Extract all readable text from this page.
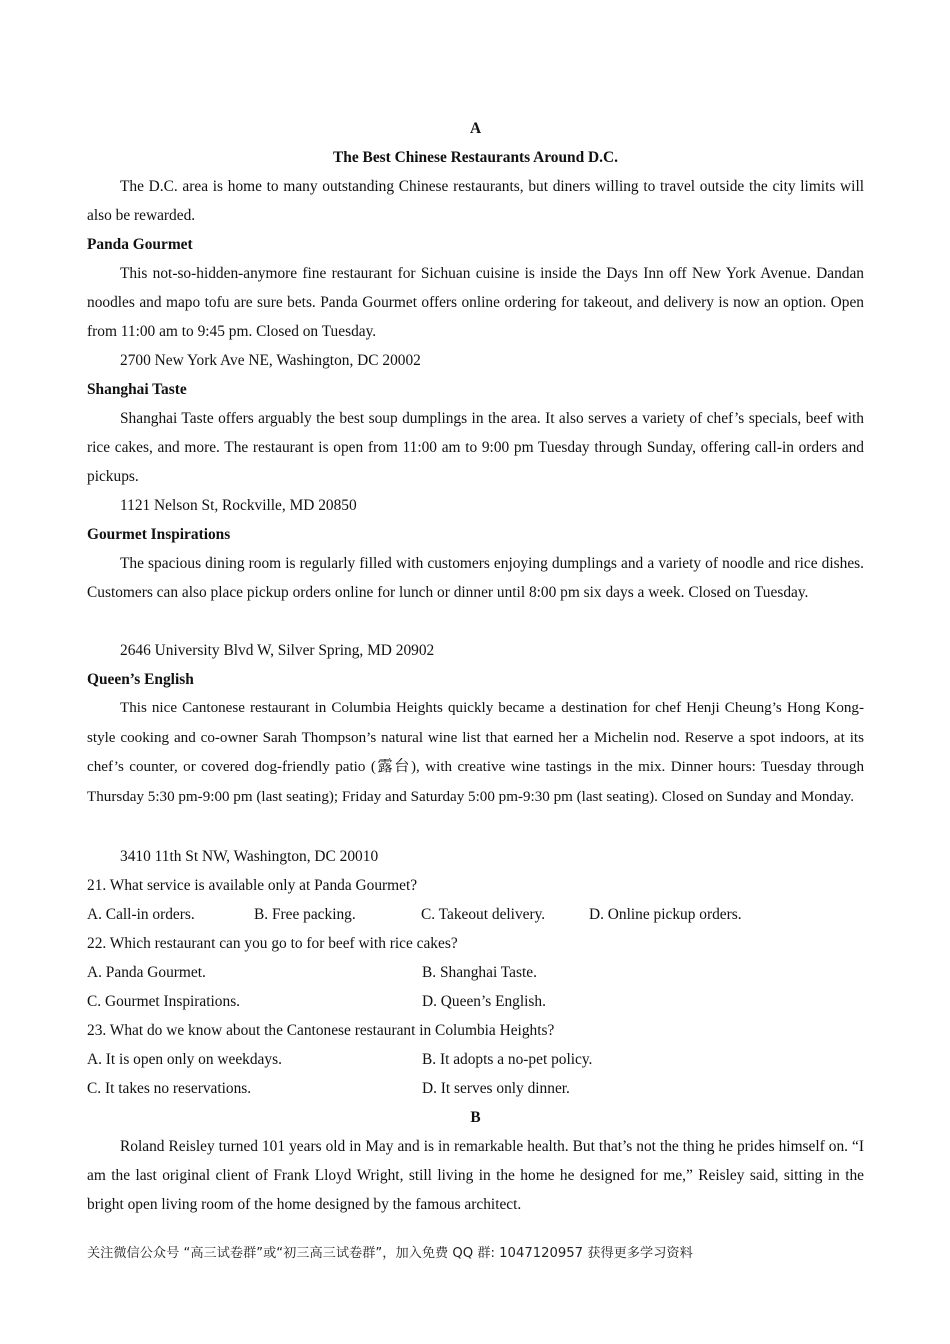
A
The Best Chinese Restaurants Around D.C.
The D.C. area is home to many outstanding Chinese restaurants, but diners willing to travel outside the city limits will also be rewarded.
Panda Gourmet
This not-so-hidden-anymore fine restaurant for Sichuan cuisine is inside the Days Inn off New York Avenue. Dandan noodles and mapo tofu are sure bets. Panda Gourmet offers online ordering for takeout, and delivery is now an option. Open from 11:00 am to 9:45 pm. Closed on Tuesday.
2700 New York Ave NE, Washington, DC 20002
Shanghai Taste
Shanghai Taste offers arguably the best soup dumplings in the area. It also serves a variety of chef’s specials, beef with rice cakes, and more. The restaurant is open from 11:00 am to 9:00 pm Tuesday through Sunday, offering call-in orders and pickups.
1121 Nelson St, Rockville, MD 20850
Gourmet Inspirations
The spacious dining room is regularly filled with customers enjoying dumplings and a variety of noodle and rice dishes. Customers can also place pickup orders online for lunch or dinner until 8:00 pm six days a week. Closed on Tuesday.
2646 University Blvd W, Silver Spring, MD 20902
Queen’s English
This nice Cantonese restaurant in Columbia Heights quickly became a destination for chef Henji Cheung’s Hong Kong-style cooking and co-owner Sarah Thompson’s natural wine list that earned her a Michelin nod. Reserve a spot indoors, at its chef’s counter, or covered dog-friendly patio (露台), with creative wine tastings in the mix. Dinner hours: Tuesday through Thursday 5:30 pm-9:00 pm (last seating); Friday and Saturday 5:00 pm-9:30 pm (last seating). Closed on Sunday and Monday.
3410 11th St NW, Washington, DC 20010
21. What service is available only at Panda Gourmet?
A. Call-in orders.	B. Free packing.	C. Takeout delivery.	D. Online pickup orders.
22. Which restaurant can you go to for beef with rice cakes?
A. Panda Gourmet.	B. Shanghai Taste.
C. Gourmet Inspirations.	D. Queen’s English.
23. What do we know about the Cantonese restaurant in Columbia Heights?
A. It is open only on weekdays.	B. It adopts a no-pet policy.
C. It takes no reservations.	D. It serves only dinner.
B
Roland Reisley turned 101 years old in May and is in remarkable health. But that’s not the thing he prides himself on. “I am the last original client of Frank Lloyd Wright, still living in the home he designed for me,” Reisley said, sitting in the bright open living room of the home designed by the famous architect.
关注微信公众号 “高三试卷群”或“初三高三试卷群”，加入免费 QQ 群: 1047120957 获得更多学习资料
